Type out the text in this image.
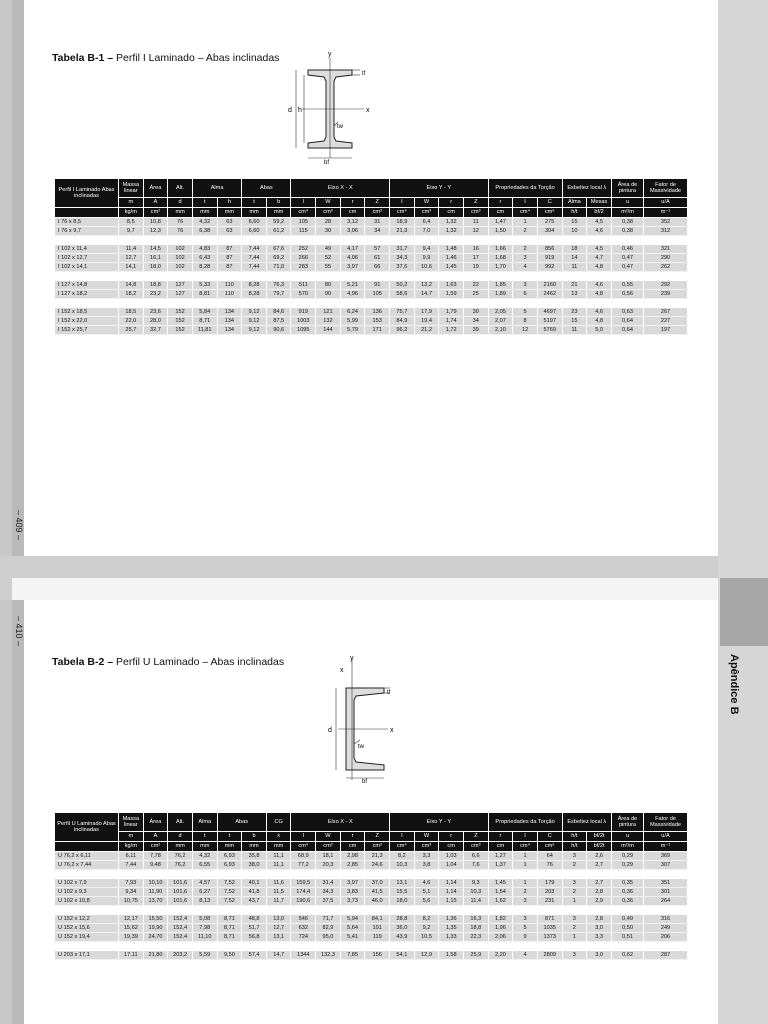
– 409 –
– 410 –
Apêndice B
Tabela B-1 – Perfil I Laminado – Abas inclinadas	y
x
tf
tw
bf
d h
Perfil I Laminado Abas inclinadas	Massa linear	Área	Alt.	Alma		Abas		Eixo X - X				Eixo Y - Y				Propriedades da Torção			Esbeltez local λ		Área de pintura	Fator de Massividade
	m	A	d	t	h	t	b	I	W	r	Z	I	W	r	Z	r	I	C	Alma	Mesas	u	u/A
	kg/m	cm²	mm	mm	mm	mm	mm	cm⁴	cm³	cm	cm³	cm⁴	cm³	cm	cm³	cm	cm⁴	cm⁶	h/t	bf/2	m²/m	m⁻¹
I 76 x 8,5	8,5	10,8	76	4,32	63	6,60	59,2	105	28	3,12	31	18,9	6,4	1,32	11	1,47	1	275	15	4,5	0,38	352
I 76 x 9,7	9,7	12,3	76	6,38	63	6,60	61,2	115	30	3,06	34	21,3	7,0	1,32	12	1,50	2	304	10	4,6	0,38	312

I 102 x 11,4	11,4	14,5	102	4,83	87	7,44	67,6	252	49	4,17	57	31,7	9,4	1,48	16	1,66	2	856	18	4,5	0,46	321
I 102 x 12,7	12,7	16,1	102	6,43	87	7,44	69,2	266	52	4,06	61	34,3	9,9	1,46	17	1,68	3	919	14	4,7	0,47	290
I 102 x 14,1	14,1	18,0	102	8,28	87	7,44	71,0	283	55	3,97	66	37,6	10,6	1,45	19	1,70	4	992	11	4,8	0,47	262

I 127 x 14,8	14,8	18,8	127	5,33	110	8,28	76,3	511	80	5,21	91	50,2	13,2	1,63	22	1,85	3	2160	21	4,6	0,55	292
I 127 x 18,2	18,2	23,2	127	8,81	110	8,28	79,7	570	90	4,96	105	58,6	14,7	1,59	25	1,89	6	2462	13	4,8	0,56	239

I 152 x 18,5	18,5	23,6	152	5,84	134	9,12	84,6	919	121	6,24	136	75,7	17,9	1,79	30	2,05	5	4697	23	4,6	0,63	267
I 152 x 22,0	22,0	28,0	152	8,71	134	9,12	87,5	1003	132	5,99	153	84,9	19,4	1,74	34	2,07	8	5197	15	4,8	0,64	227
I 152 x 25,7	25,7	32,7	152	11,81	134	9,12	90,6	1095	144	5,79	171	96,2	21,2	1,72	39	2,10	12	5769	11	5,0	0,64	197
Tabela B-2 – Perfil U Laminado – Abas inclinadas	y
x
x
tf
tw
bf
d
Perfil U Laminado Abas inclinadas	Massa linear	Área	Alt.	Alma	Abas		CG	Eixo X - X				Eixo Y - Y				Propriedades da Torção			Esbeltez local λ		Área de pintura	Fator de Massividade
	m	A	d	t	t	b	x	I	W	r	Z	I	W	r	Z	r	I	C	h/t	bf/2t	u	u/A
	kg/m	cm²	mm	mm	mm	mm	mm	cm⁴	cm³	cm	cm³	cm⁴	cm³	cm	cm³	cm	cm⁴	cm⁶	h/t	bf/2t	m²/m	m⁻¹
U 76,2 x 6,11	6,11	7,78	76,2	4,32	6,93	35,8	11,1	68,9	18,1	2,98	21,3	8,2	3,3	1,03	6,6	1,27	1	64	3	2,6	0,29	369
U 76,2 x 7,44	7,44	9,48	76,2	6,55	6,93	38,0	11,1	77,2	20,3	2,85	24,6	10,3	3,8	1,04	7,6	1,37	1	76	2	2,7	0,29	307

U 102 x 7,9	7,93	10,10	101,6	4,57	7,52	40,1	11,6	159,5	31,4	3,97	37,0	13,1	4,6	1,14	9,3	1,45	1	179	3	2,7	0,35	351
U 102 x 9,3	9,34	11,90	101,6	6,27	7,52	41,8	11,5	174,4	34,3	3,83	41,5	15,5	5,1	1,14	10,3	1,54	2	203	2	2,8	0,36	301
U 102 x 10,8	10,75	13,70	101,6	8,13	7,52	43,7	11,7	190,6	37,5	3,73	46,0	18,0	5,6	1,15	11,4	1,62	3	231	1	2,9	0,36	264

U 152 x 12,2	12,17	15,50	152,4	5,08	8,71	48,8	13,0	546	71,7	5,94	84,1	28,8	8,2	1,36	16,3	1,82	3	871	3	2,8	0,49	316
U 152 x 15,6	15,62	19,90	152,4	7,98	8,71	51,7	12,7	632	82,9	5,64	101	36,0	9,2	1,35	18,8	1,96	5	1035	2	3,0	0,50	249
U 152 x 19,4	19,39	24,70	152,4	11,10	8,71	56,8	13,1	724	95,0	5,41	119	43,9	10,5	1,33	22,3	2,06	9	1373	1	3,3	0,51	206

U 203 x 17,1	17,11	21,80	203,2	5,59	9,50	57,4	14,7	1344	132,3	7,85	156	54,1	12,9	1,58	25,9	2,20	4	2809	3	3,0	0,62	287
